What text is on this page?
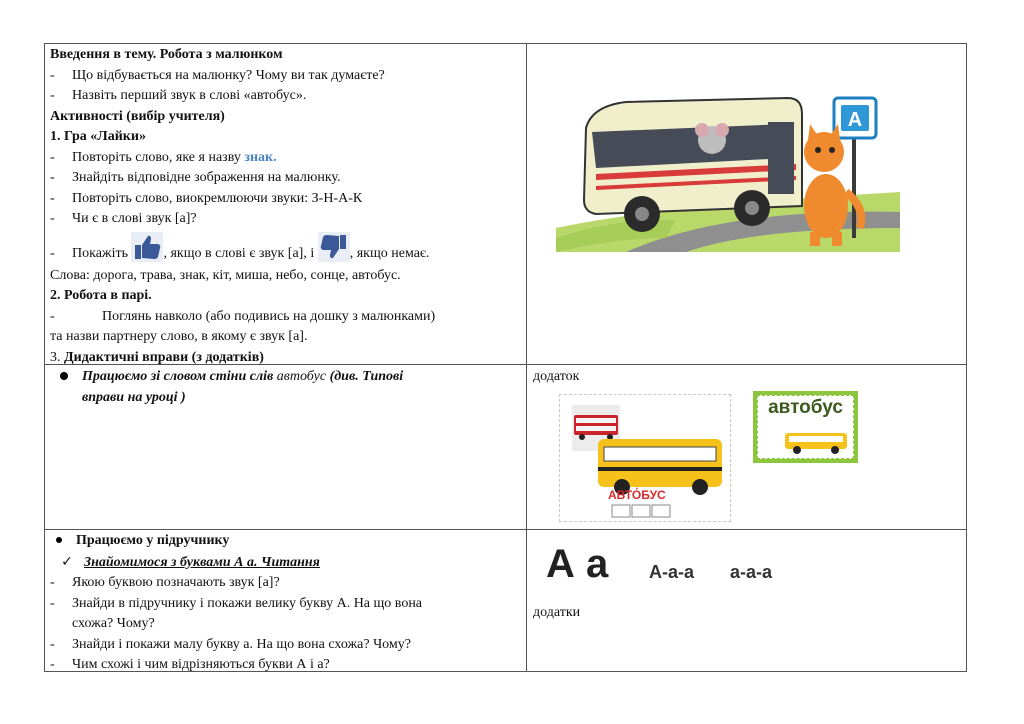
Введення в тему. Робота з малюнком
- Що відбувається на малюнку? Чому ви так думаєте?
- Назвіть перший звук в слові «автобус».
Активності (вибір учителя)
1. Гра «Лайки»
- Повторіть слово, яке я назву знак.
- Знайдіть відповідне зображення на малюнку.
- Повторіть слово, виокремлюючи звуки: З-Н-А-К
- Чи є в слові звук [а]?
- Покажіть , якщо в слові є звук [а], і , якщо немає.
Слова: дорога, трава, знак, кіт, миша, небо, сонце, автобус.
2. Робота в парі.
-	Поглянь навколо (або подивись на дошку з малюнками)
та назви партнеру слово, в якому є звук [а].
3. Дидактичні вправи (з додатків)
A
Працюємо зі словом стіни слів автобус (див. Типові
вправи на уроці )
додаток
АВТО́БУС
автобус
Працюємо у підручнику
✓ Знайомимося з буквами А а. Читання
- Якою буквою позначають звук [а]?
- Знайди в підручнику і покажи велику букву А. На що вона
схожа? Чому?
- Знайди і покажи малу букву а. На що вона схожа? Чому?
- Чим схожі і чим відрізняються букви А і а?
А а А-а-а а-а-а
додатки
